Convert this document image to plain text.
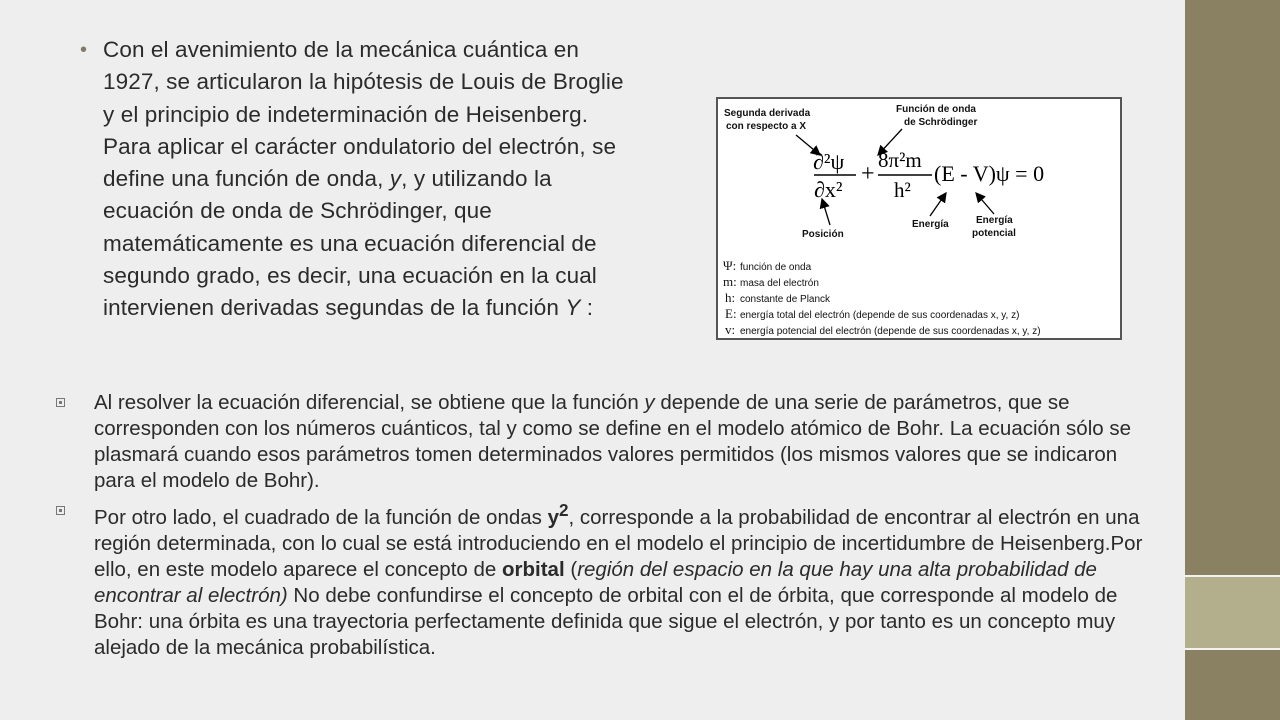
• Con el avenimiento de la mecánica cuántica en 1927, se articularon la hipótesis de Louis de Broglie y el principio de indeterminación de Heisenberg.

Para aplicar el carácter ondulatorio del electrón, se define una función de onda, y, y utilizando la ecuación de onda de Schrödinger, que matemáticamente es una ecuación diferencial de segundo grado, es decir, una ecuación en la cual intervienen derivadas segundas de la función Y :

Segunda derivada
con respecto a X
Función de onda
de Schrödinger
∂²ψ
∂x²
+
8π²m
h²
(E - V)ψ = 0
Posición
Energía	Energía
potencial
Ψ: función de onda
m: masa del electrón
h: constante de Planck
E: energía total del electrón (depende de sus coordenadas x, y, z)
v: energía potencial del electrón (depende de sus coordenadas x, y, z)
Al resolver la ecuación diferencial, se obtiene que la función y depende de una serie de parámetros, que se corresponden con los números cuánticos, tal y como se define en el modelo atómico de Bohr. La ecuación sólo se plasmará cuando esos parámetros tomen determinados valores permitidos (los mismos valores que se indicaron para el modelo de Bohr).
Por otro lado, el cuadrado de la función de ondas $y^2$, corresponde a la probabilidad de encontrar al electrón en una región determinada, con lo cual se está introduciendo en el modelo el principio de incertidumbre de Heisenberg.Por ello, en este modelo aparece el concepto de orbital (región del espacio en la que hay una alta probabilidad de encontrar al electrón) No debe confundirse el concepto de orbital con el de órbita, que corresponde al modelo de Bohr: una órbita es una trayectoria perfectamente definida que sigue el electrón, y por tanto es un concepto muy alejado de la mecánica probabilística.
